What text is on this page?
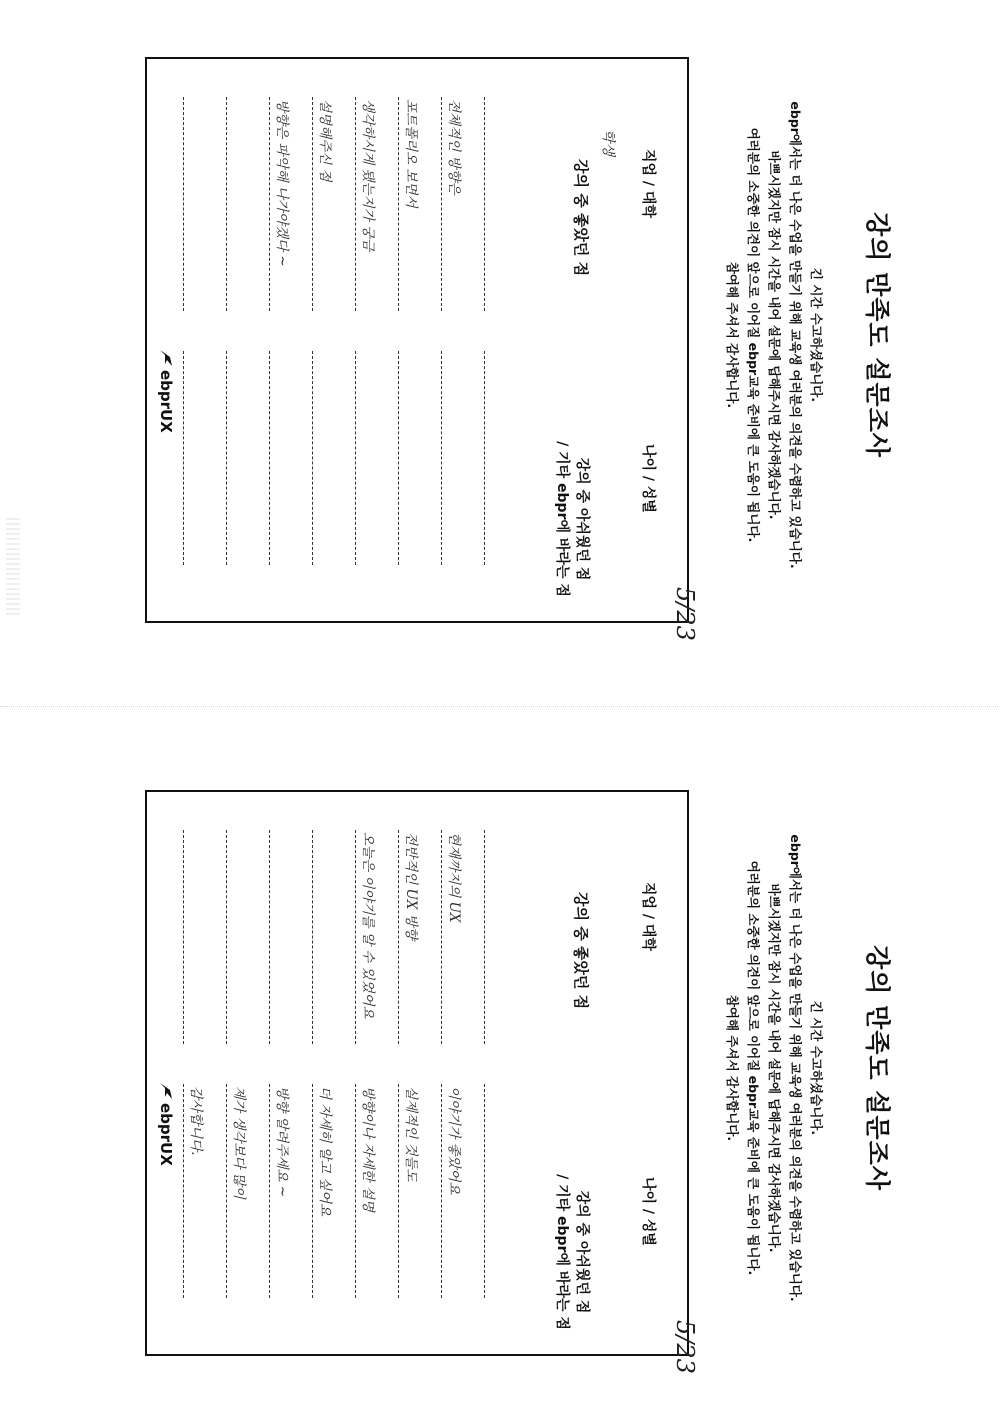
강의 만족도 설문조사
긴 시간 수고하셨습니다.
ebpr에서는 더 나은 수업을 만들기 위해 교육생 여러분의 의견을 수렴하고 있습니다.
바쁘시겠지만 잠시 시간을 내어 설문에 답해주시면 감사하겠습니다.
여러분의 소중한 의견이 앞으로 이어질 ebpr교육 준비에 큰 도움이 됩니다.
참여해 주셔서 감사합니다.
직업 / 대학
나이 / 성별
학생
강의 중 좋았던 점
강의 중 아쉬웠던 점
/ 기타 ebpr에 바라는 점
전체적인 방향은
포트폴리오 보면서
생각하시게 됐는지가 궁금
설명해주신 점
방향은 파악해 나가야겠다 ~
ebprUX
5/23
강의 만족도 설문조사
긴 시간 수고하셨습니다.
ebpr에서는 더 나은 수업을 만들기 위해 교육생 여러분의 의견을 수렴하고 있습니다.
바쁘시겠지만 잠시 시간을 내어 설문에 답해주시면 감사하겠습니다.
여러분의 소중한 의견이 앞으로 이어질 ebpr교육 준비에 큰 도움이 됩니다.
참여해 주셔서 감사합니다.
직업 / 대학
나이 / 성별
강의 중 좋았던 점
강의 중 아쉬웠던 점
/ 기타 ebpr에 바라는 점
현재까지의 UX
전반적인 UX 방향
오늘은 이야기를 알 수 있었어요
이야기가 좋았어요
실제적인 것들도
방향이나 자세한 설명
더 자세히 알고 싶어요
방향 알려주세요 ~
제가 생각보다 많이
감사합니다.
ebprUX
5/23
